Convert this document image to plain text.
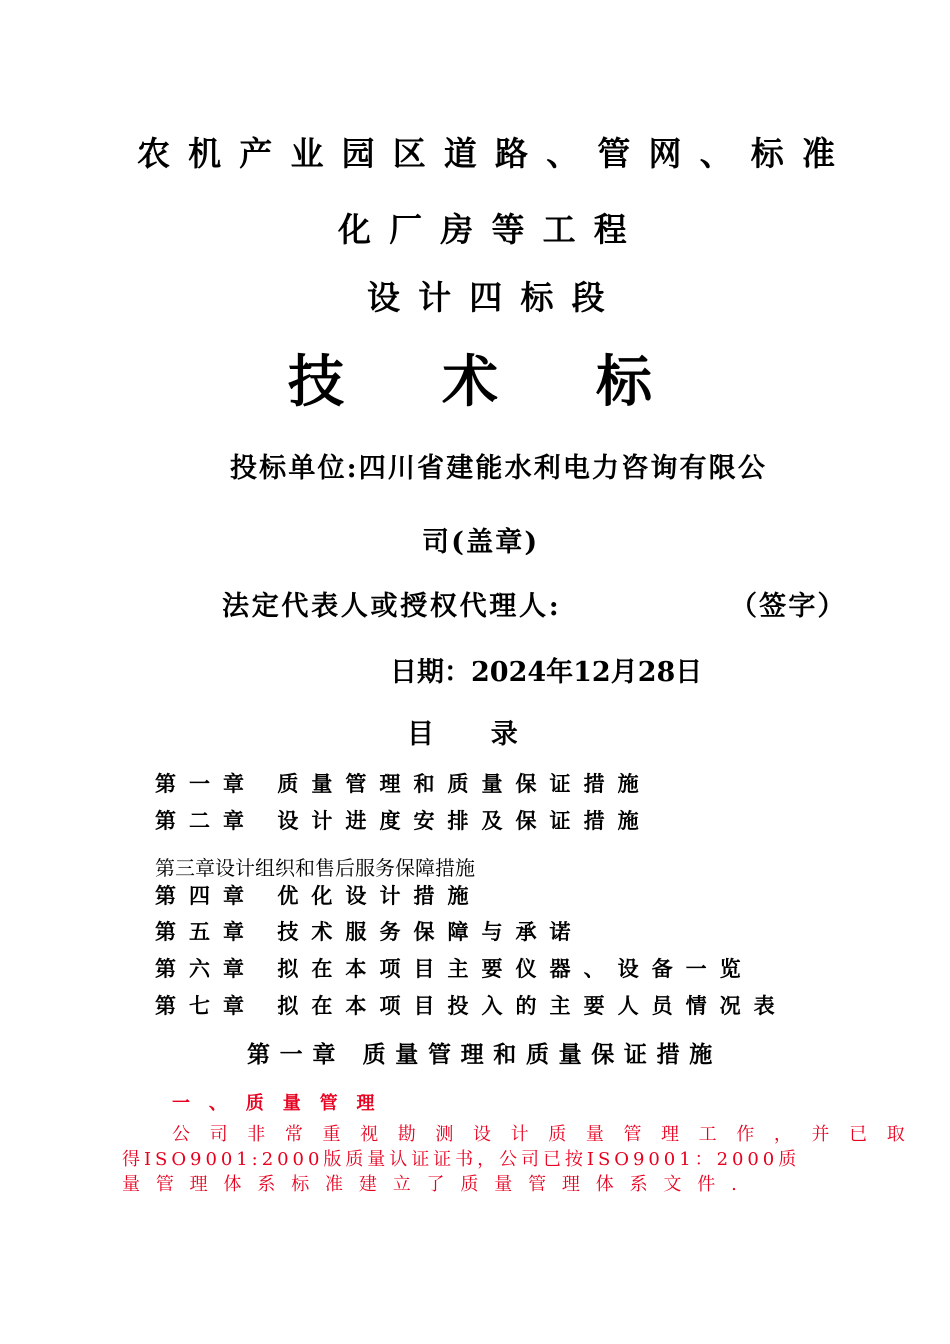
农机产业园区道路、管网、标准
化厂房等工程
设计四标段
技术标
投标单位:四川省建能水利电力咨询有限公
司(盖章)
法定代表人或授权代理人:	（签字）
日期：2024年12月28日
目录
第一章 质量管理和质量保证措施
第二章 设计进度安排及保证措施
第三章设计组织和售后服务保障措施
第四章 优化设计措施
第五章 技术服务保障与承诺
第六章 拟在本项目主要仪器、设备一览
第七章 拟在本项目投入的主要人员情况表
第一章 质量管理和质量保证措施
一、质量管理
公司非常重视勘测设计质量管理工作，并已取
得ISO9001:2000版质量认证证书，公司已按ISO9001：2000质
量管理体系标准建立了质量管理体系文件.
